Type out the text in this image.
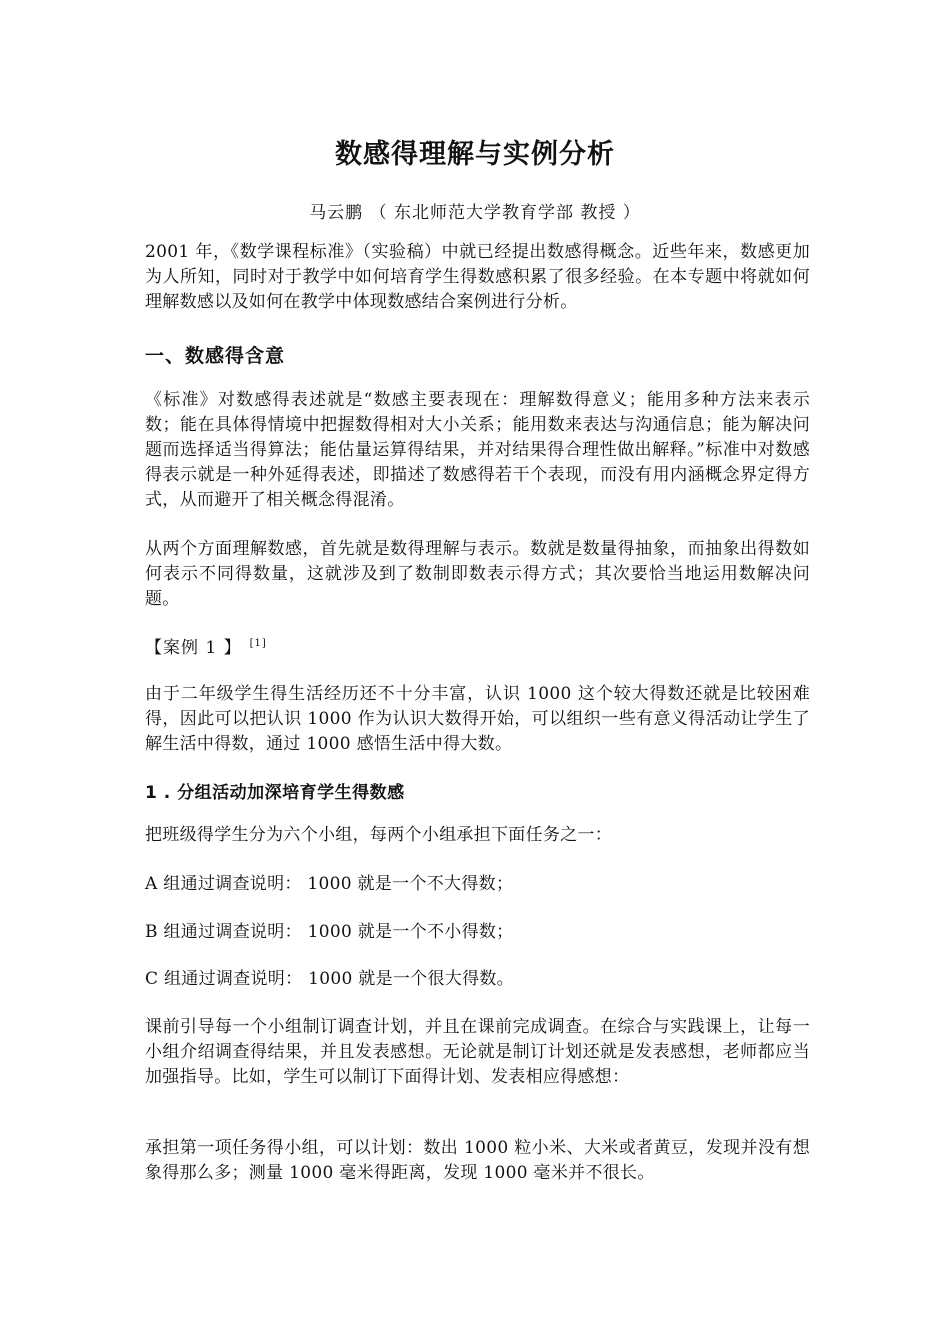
数感得理解与实例分析

马云鹏 （ 东北师范大学教育学部 教授 ）

2001 年，《数学课程标准》（实验稿）中就已经提出数感得概念。近些年来，数感更加为人所知，同时对于教学中如何培育学生得数感积累了很多经验。在本专题中将就如何理解数感以及如何在教学中体现数感结合案例进行分析。

一、数感得含意

《标准》对数感得表述就是“数感主要表现在：理解数得意义；能用多种方法来表示数；能在具体得情境中把握数得相对大小关系；能用数来表达与沟通信息；能为解决问题而选择适当得算法；能估量运算得结果，并对结果得合理性做出解释。”标准中对数感得表示就是一种外延得表述，即描述了数感得若干个表现，而没有用内涵概念界定得方式，从而避开了相关概念得混淆。

从两个方面理解数感，首先就是数得理解与表示。数就是数量得抽象，而抽象出得数如何表示不同得数量，这就涉及到了数制即数表示得方式；其次要恰当地运用数解决问题。

【案例 1 】 [1]

由于二年级学生得生活经历还不十分丰富，认识 1000 这个较大得数还就是比较困难得，因此可以把认识 1000 作为认识大数得开始，可以组织一些有意义得活动让学生了解生活中得数，通过 1000 感悟生活中得大数。

1 . 分组活动加深培育学生得数感

把班级得学生分为六个小组，每两个小组承担下面任务之一：

A 组通过调查说明： 1000 就是一个不大得数；

B 组通过调查说明： 1000 就是一个不小得数；

C 组通过调查说明： 1000 就是一个很大得数。

课前引导每一个小组制订调查计划，并且在课前完成调查。在综合与实践课上，让每一小组介绍调查得结果，并且发表感想。无论就是制订计划还就是发表感想，老师都应当加强指导。比如，学生可以制订下面得计划、发表相应得感想：

承担第一项任务得小组，可以计划：数出 1000 粒小米、大米或者黄豆，发现并没有想象得那么多；测量 1000 毫米得距离，发现 1000 毫米并不很长。
